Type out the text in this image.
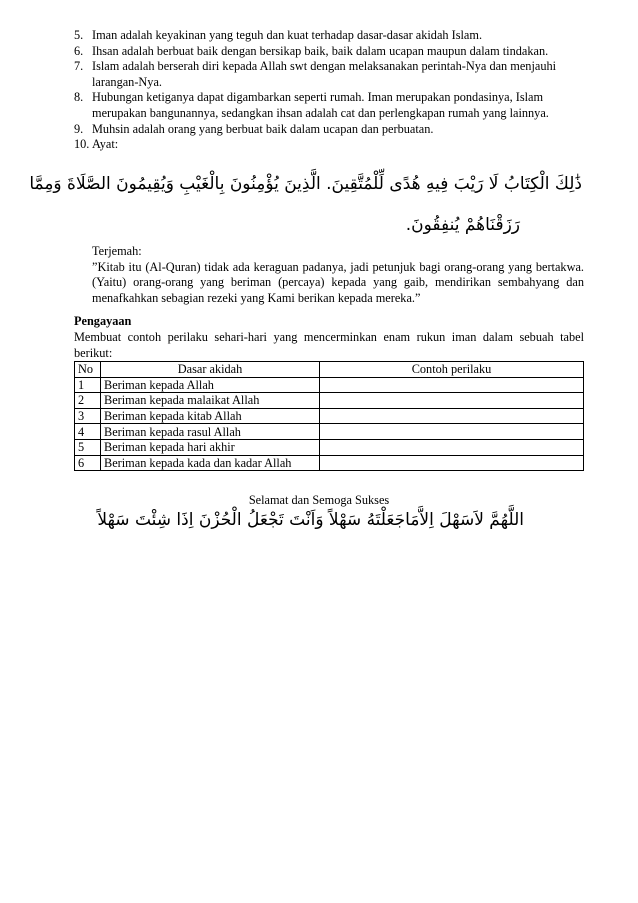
5. Iman adalah keyakinan yang teguh dan kuat terhadap dasar-dasar akidah Islam.
6. Ihsan adalah berbuat baik dengan bersikap baik, baik dalam ucapan maupun dalam tindakan.
7. Islam adalah berserah diri kepada Allah swt dengan melaksanakan perintah-Nya dan menjauhi larangan-Nya.
8. Hubungan ketiganya dapat digambarkan seperti rumah. Iman merupakan pondasinya, Islam merupakan bangunannya, sedangkan ihsan adalah cat dan perlengkapan rumah yang lainnya.
9. Muhsin adalah orang yang berbuat baik dalam ucapan dan perbuatan.
10. Ayat:
ذَٰلِكَ الْكِتَابُ لَا رَيْبَ فِيهِ هُدًى لِّلْمُتَّقِينَ. الَّذِينَ يُؤْمِنُونَ بِالْغَيْبِ وَيُقِيمُونَ الصَّلَاةَ وَمِمَّا
رَزَقْنَاهُمْ يُنفِقُونَ.
Terjemah:
”Kitab itu (Al-Quran) tidak ada keraguan padanya, jadi petunjuk bagi orang-orang yang bertakwa. (Yaitu) orang-orang yang beriman (percaya) kepada yang gaib, mendirikan sembahyang dan menafkahkan sebagian rezeki yang Kami berikan kepada mereka.”
Pengayaan
Membuat contoh perilaku sehari-hari yang mencerminkan enam rukun iman dalam sebuah tabel berikut:
No	Dasar akidah	Contoh perilaku
1	Beriman kepada Allah	
2	Beriman kepada malaikat Allah	
3	Beriman kepada kitab Allah	
4	Beriman kepada rasul Allah	
5	Beriman kepada hari akhir	
6	Beriman kepada kada dan kadar Allah	
Selamat dan Semoga Sukses
اللَّهُمَّ لاَسَهْلَ اِلاَّمَاجَعَلْتَهُ سَهْلاً وَاَنْتَ تَجْعَلُ الْحُزْنَ اِذَا شِئْتَ سَهْلاً
